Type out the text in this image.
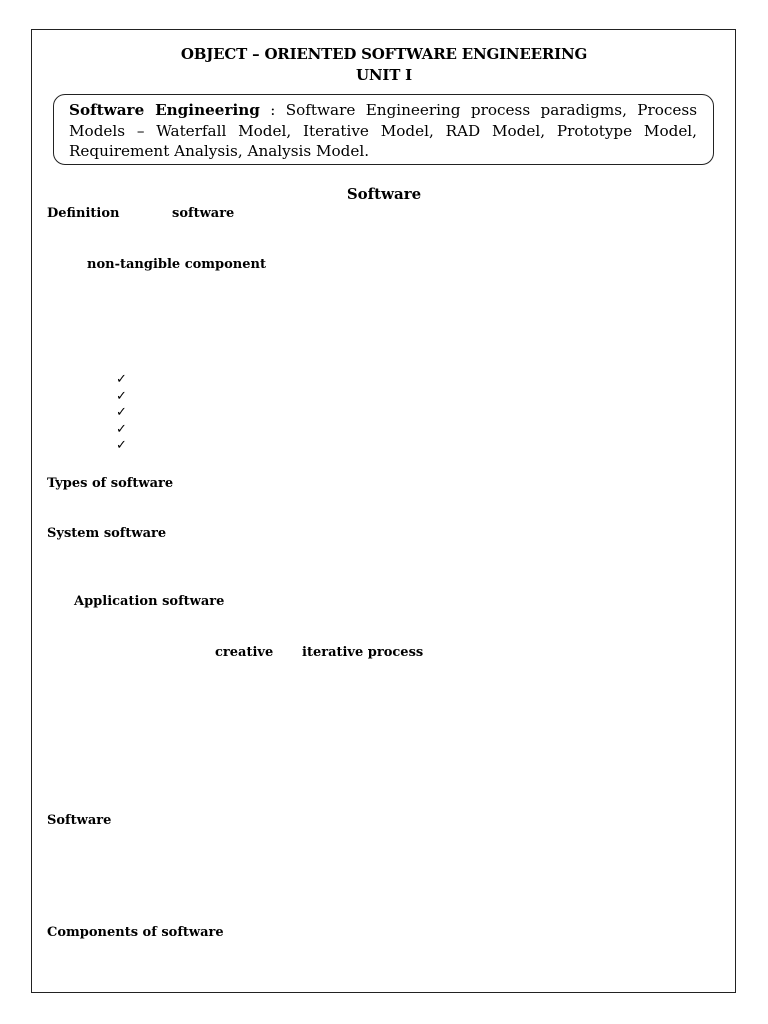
OBJECT – ORIENTED SOFTWARE ENGINEERING
UNIT I
Software Engineering : Software Engineering process paradigms, Process Models – Waterfall Model, Iterative Model, RAD Model, Prototype Model, Requirement Analysis, Analysis Model.
Software
Definition	software
non-tangible component
✓
✓
✓
✓
✓
Types of software
System software
Application software
creative iterative process
Software
Components of software
